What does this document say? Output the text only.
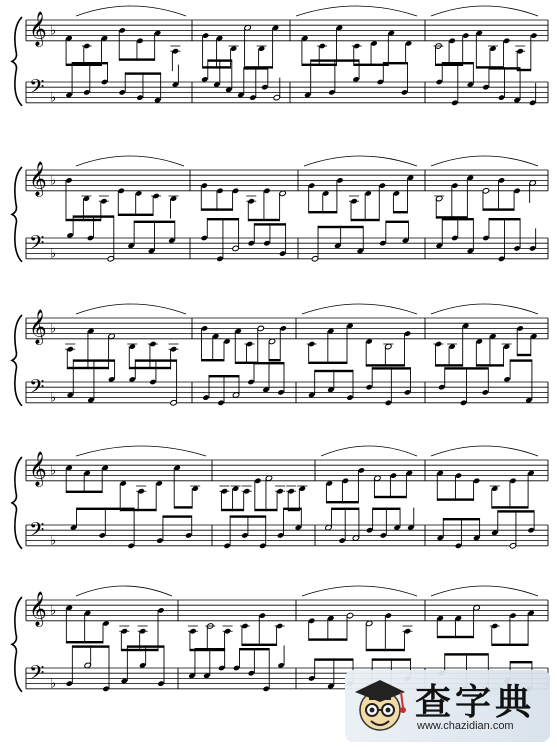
𝄞 ♭
𝄢 ♭
𝄞 ♭
𝄢 ♭
𝄞 ♭
𝄢 ♭
𝄞 ♭
𝄢 ♭
𝄞 ♭
𝄢 ♭	查字典
www.chazidian.com
